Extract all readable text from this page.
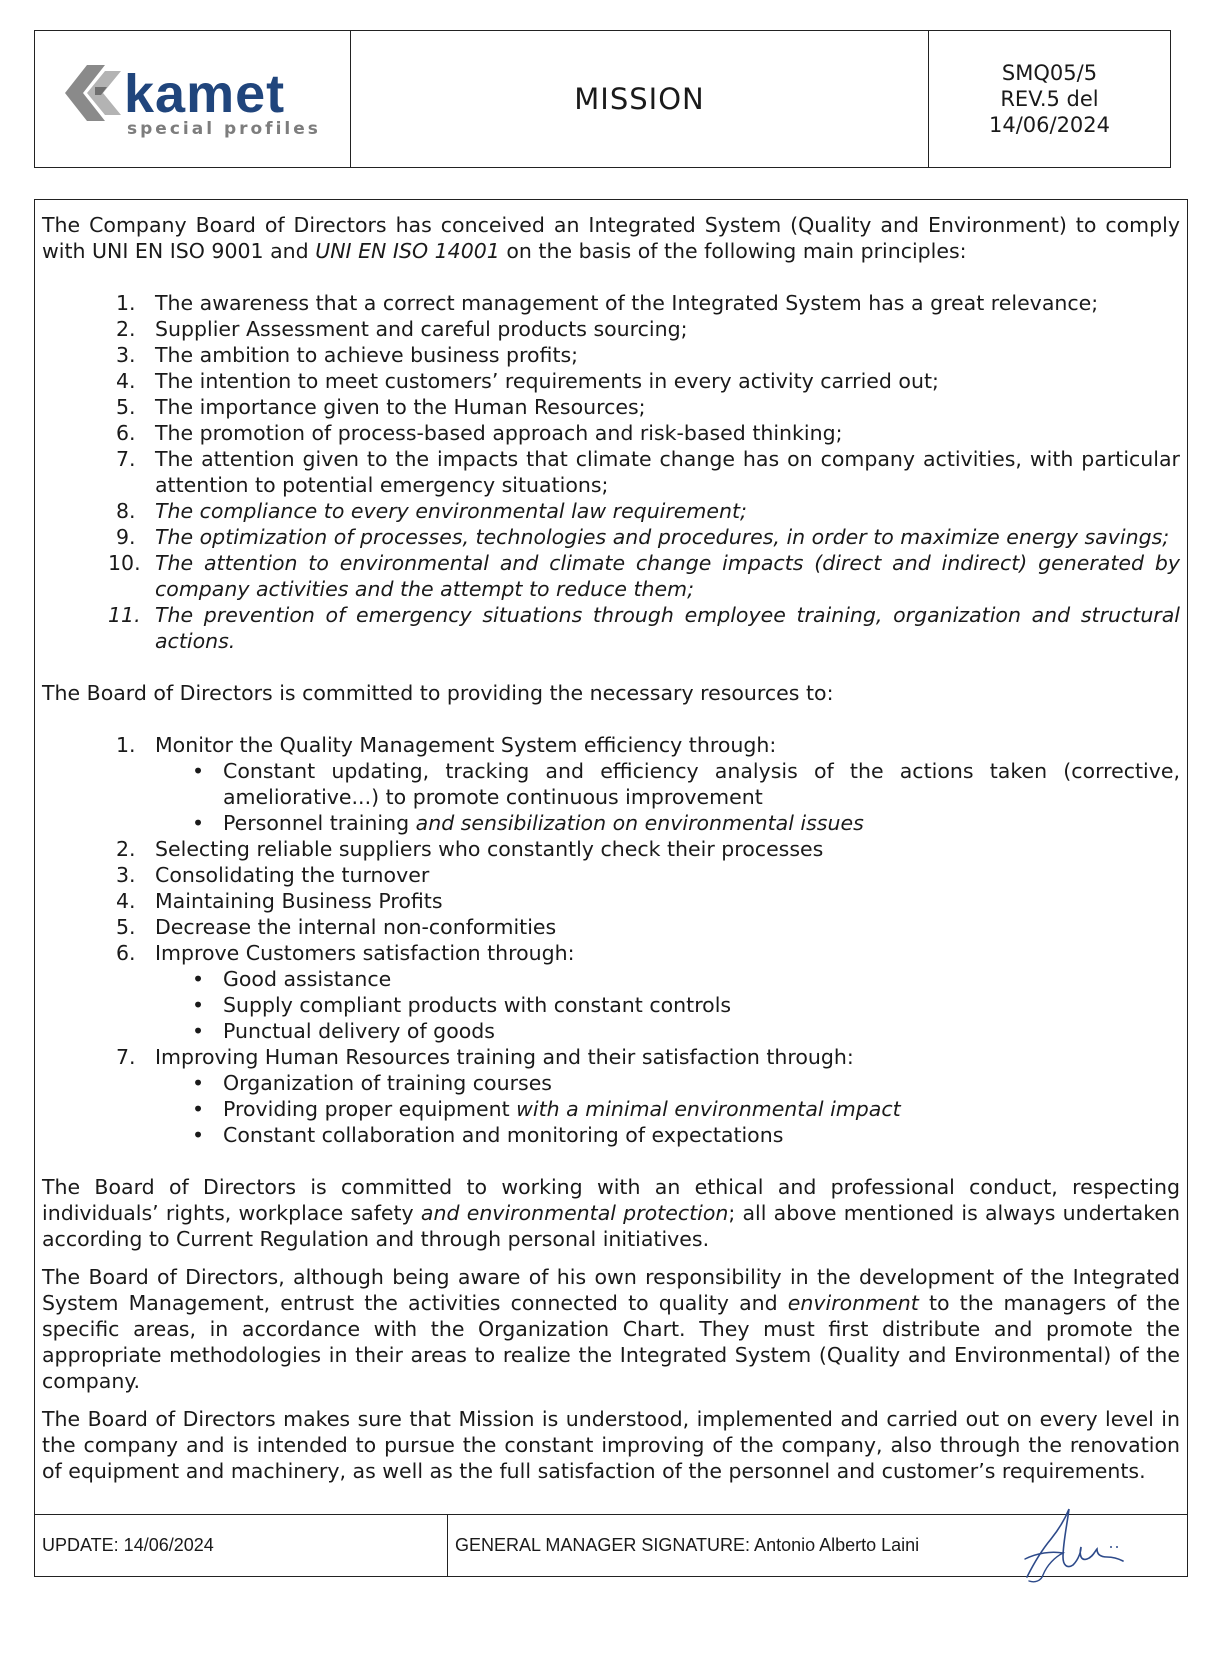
kamet
special profiles
MISSION
SMQ05/5
REV.5 del
14/06/2024

The Company Board of Directors has conceived an Integrated System (Quality and Environment) to comply with UNI EN ISO 9001 and UNI EN ISO 14001 on the basis of the following main principles:

1. The awareness that a correct management of the Integrated System has a great relevance;
2. Supplier Assessment and careful products sourcing;
3. The ambition to achieve business profits;
4. The intention to meet customers’ requirements in every activity carried out;
5. The importance given to the Human Resources;
6. The promotion of process-based approach and risk-based thinking;
7. The attention given to the impacts that climate change has on company activities, with particular attention to potential emergency situations;
8. The compliance to every environmental law requirement;
9. The optimization of processes, technologies and procedures, in order to maximize energy savings;
10. The attention to environmental and climate change impacts (direct and indirect) generated by company activities and the attempt to reduce them;
11. The prevention of emergency situations through employee training, organization and structural actions.

The Board of Directors is committed to providing the necessary resources to:

1. Monitor the Quality Management System efficiency through:
• Constant updating, tracking and efficiency analysis of the actions taken (corrective, ameliorative...) to promote continuous improvement
• Personnel training and sensibilization on environmental issues
2. Selecting reliable suppliers who constantly check their processes
3. Consolidating the turnover
4. Maintaining Business Profits
5. Decrease the internal non-conformities
6. Improve Customers satisfaction through:
• Good assistance
• Supply compliant products with constant controls
• Punctual delivery of goods
7. Improving Human Resources training and their satisfaction through:
• Organization of training courses
• Providing proper equipment with a minimal environmental impact
• Constant collaboration and monitoring of expectations

The Board of Directors is committed to working with an ethical and professional conduct, respecting individuals’ rights, workplace safety and environmental protection; all above mentioned is always undertaken according to Current Regulation and through personal initiatives.

The Board of Directors, although being aware of his own responsibility in the development of the Integrated System Management, entrust the activities connected to quality and environment to the managers of the specific areas, in accordance with the Organization Chart. They must first distribute and promote the appropriate methodologies in their areas to realize the Integrated System (Quality and Environmental) of the company.

The Board of Directors makes sure that Mission is understood, implemented and carried out on every level in the company and is intended to pursue the constant improving of the company, also through the renovation of equipment and machinery, as well as the full satisfaction of the personnel and customer’s requirements.

UPDATE: 14/06/2024	GENERAL MANAGER SIGNATURE: Antonio Alberto Laini
